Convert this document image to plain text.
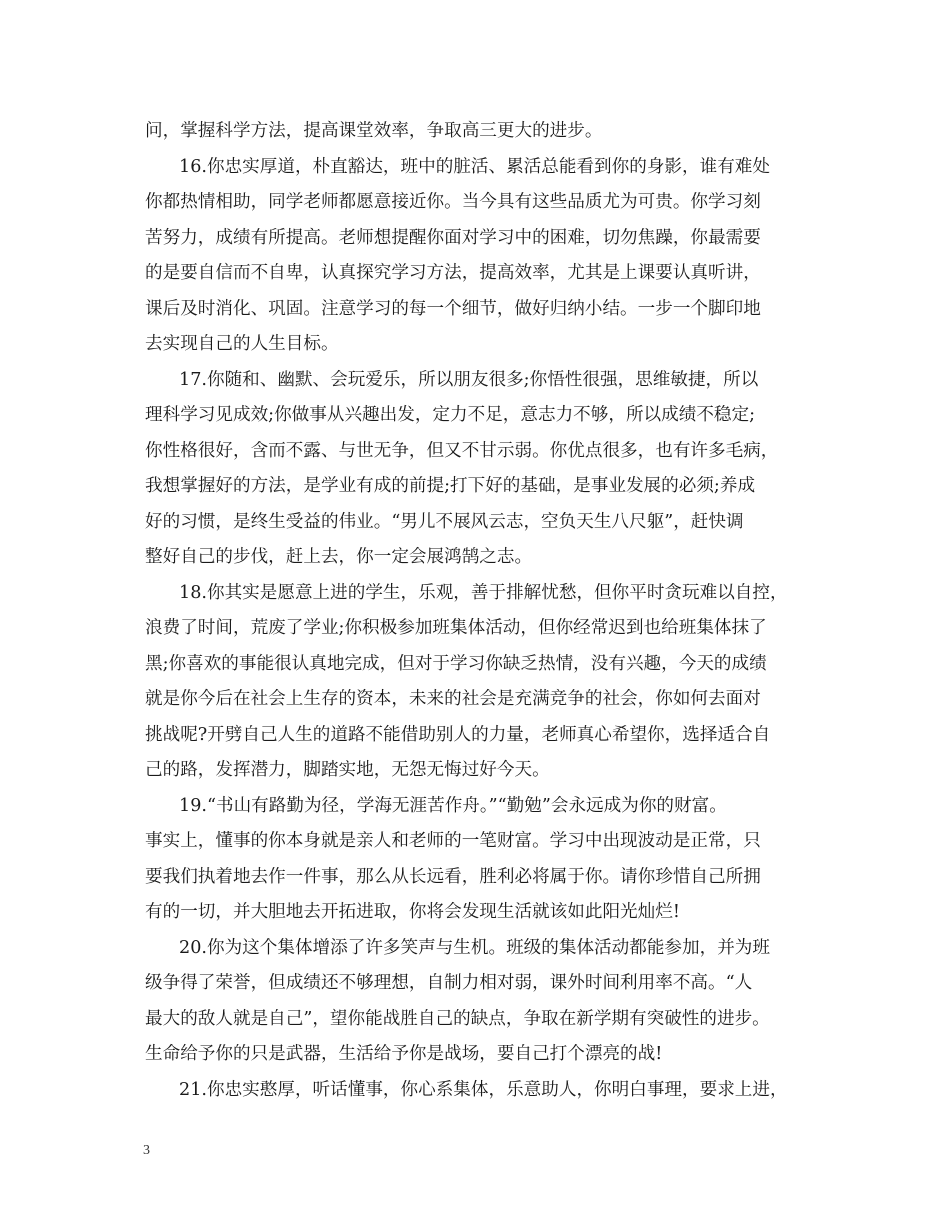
问，掌握科学方法，提高课堂效率，争取高三更大的进步。
16.你忠实厚道，朴直豁达，班中的脏活、累活总能看到你的身影，谁有难处
你都热情相助，同学老师都愿意接近你。当今具有这些品质尤为可贵。你学习刻
苦努力，成绩有所提高。老师想提醒你面对学习中的困难，切勿焦躁，你最需要
的是要自信而不自卑，认真探究学习方法，提高效率，尤其是上课要认真听讲，
课后及时消化、巩固。注意学习的每一个细节，做好归纳小结。一步一个脚印地
去实现自己的人生目标。
17.你随和、幽默、会玩爱乐，所以朋友很多;你悟性很强，思维敏捷，所以
理科学习见成效;你做事从兴趣出发，定力不足，意志力不够，所以成绩不稳定;
你性格很好，含而不露、与世无争，但又不甘示弱。你优点很多，也有许多毛病，
我想掌握好的方法，是学业有成的前提;打下好的基础，是事业发展的必须;养成
好的习惯，是终生受益的伟业。“男儿不展风云志，空负天生八尺躯”，赶快调
整好自己的步伐，赶上去，你一定会展鸿鹄之志。
18.你其实是愿意上进的学生，乐观，善于排解忧愁，但你平时贪玩难以自控，
浪费了时间，荒废了学业;你积极参加班集体活动，但你经常迟到也给班集体抹了
黑;你喜欢的事能很认真地完成，但对于学习你缺乏热情，没有兴趣，今天的成绩
就是你今后在社会上生存的资本，未来的社会是充满竞争的社会，你如何去面对
挑战呢?开劈自己人生的道路不能借助别人的力量，老师真心希望你，选择适合自
己的路，发挥潜力，脚踏实地，无怨无悔过好今天。
19.“书山有路勤为径，学海无涯苦作舟。”“勤勉”会永远成为你的财富。
事实上，懂事的你本身就是亲人和老师的一笔财富。学习中出现波动是正常，只
要我们执着地去作一件事，那么从长远看，胜利必将属于你。请你珍惜自己所拥
有的一切，并大胆地去开拓进取，你将会发现生活就该如此阳光灿烂!
20.你为这个集体增添了许多笑声与生机。班级的集体活动都能参加，并为班
级争得了荣誉，但成绩还不够理想，自制力相对弱，课外时间利用率不高。“人
最大的敌人就是自己”，望你能战胜自己的缺点，争取在新学期有突破性的进步。
生命给予你的只是武器，生活给予你是战场，要自己打个漂亮的战!
21.你忠实憨厚，听话懂事，你心系集体，乐意助人，你明白事理，要求上进，
3
